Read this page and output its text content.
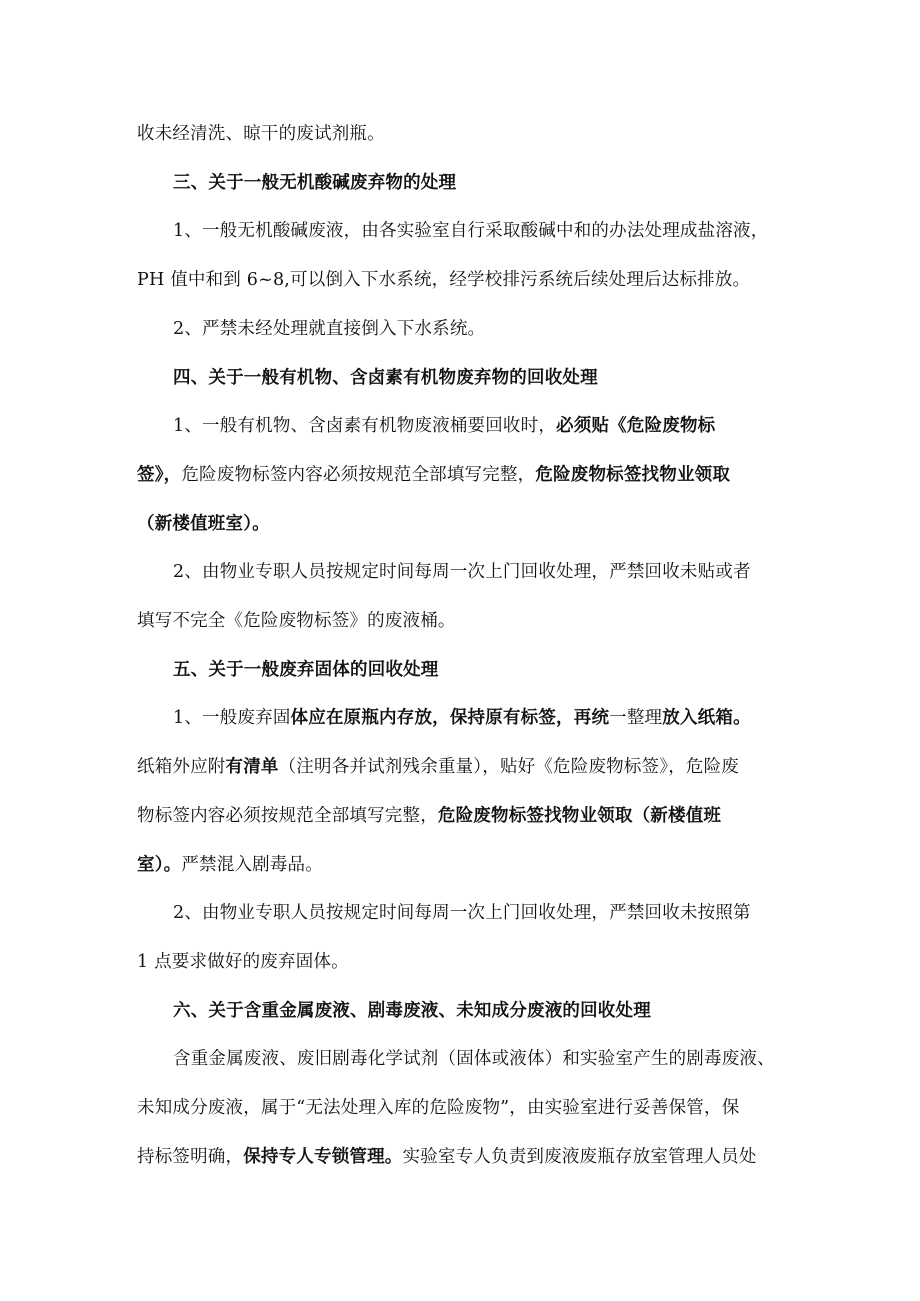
收未经清洗、晾干的废试剂瓶。

三、关于一般无机酸碱废弃物的处理

1、一般无机酸碱废液，由各实验室自行采取酸碱中和的办法处理成盐溶液，

PH 值中和到 6~8,可以倒入下水系统，经学校排污系统后续处理后达标排放。

2、严禁未经处理就直接倒入下水系统。

四、关于一般有机物、含卤素有机物废弃物的回收处理

1、一般有机物、含卤素有机物废液桶要回收时，必须贴《危险废物标

签》，危险废物标签内容必须按规范全部填写完整，危险废物标签找物业领取

（新楼值班室）。

2、由物业专职人员按规定时间每周一次上门回收处理，严禁回收未贴或者

填写不完全《危险废物标签》的废液桶。

五、关于一般废弃固体的回收处理

1、一般废弃固体应在原瓶内存放，保持原有标签，再统一整理放入纸箱。

纸箱外应附有清单（注明各并试剂残余重量），贴好《危险废物标签》，危险废

物标签内容必须按规范全部填写完整，危险废物标签找物业领取（新楼值班

室）。严禁混入剧毒品。

2、由物业专职人员按规定时间每周一次上门回收处理，严禁回收未按照第

1 点要求做好的废弃固体。

六、关于含重金属废液、剧毒废液、未知成分废液的回收处理

含重金属废液、废旧剧毒化学试剂（固体或液体）和实验室产生的剧毒废液、

未知成分废液，属于“无法处理入库的危险废物”，由实验室进行妥善保管，保

持标签明确，保持专人专锁管理。实验室专人负责到废液废瓶存放室管理人员处
